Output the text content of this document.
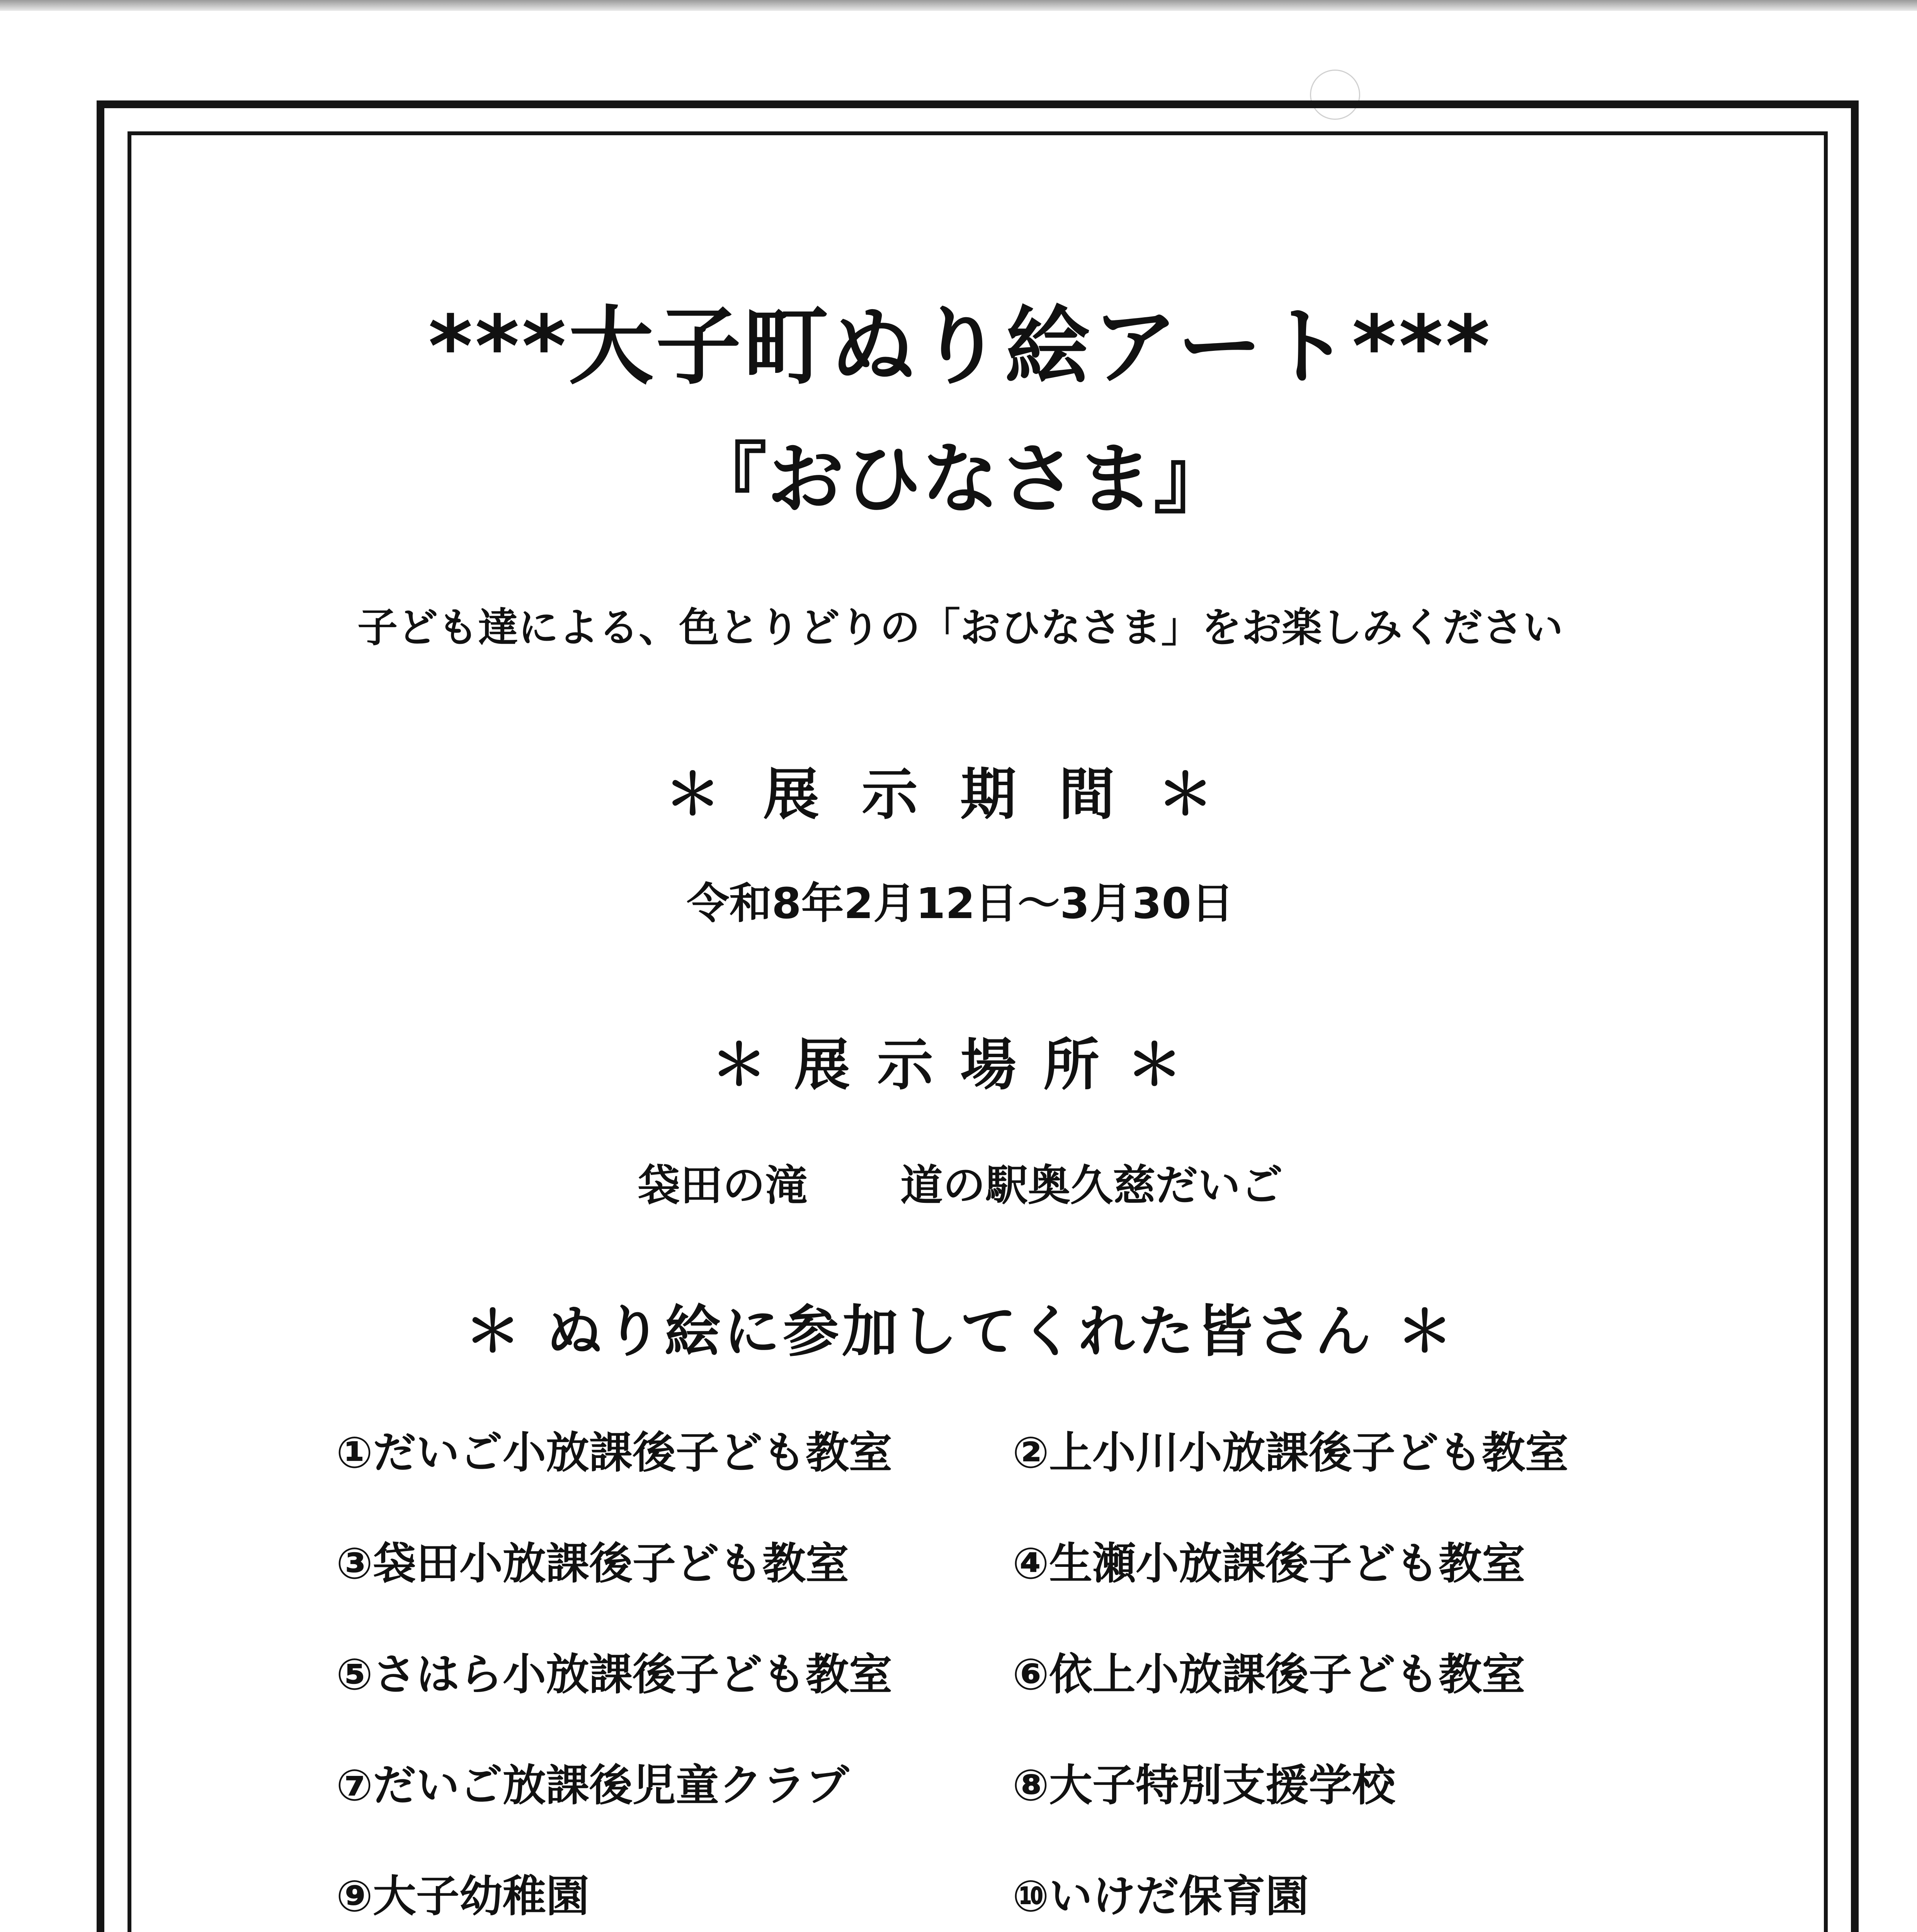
***大子町ぬり絵アート***
『おひなさま』
子ども達による、色とりどりの「おひなさま」をお楽しみください
＊展示期間＊
令和8年2月12日～3月30日
＊展示場所＊
袋田の滝 道の駅奥久慈だいご
＊ ぬり絵に参加してくれた皆さん ＊
①だいご小放課後子ども教室	②上小川小放課後子ども教室
③袋田小放課後子ども教室	④生瀬小放課後子ども教室
⑤さはら小放課後子ども教室	⑥依上小放課後子ども教室
⑦だいご放課後児童クラブ	⑧大子特別支援学校
⑨大子幼稚園	⑩いけだ保育園
